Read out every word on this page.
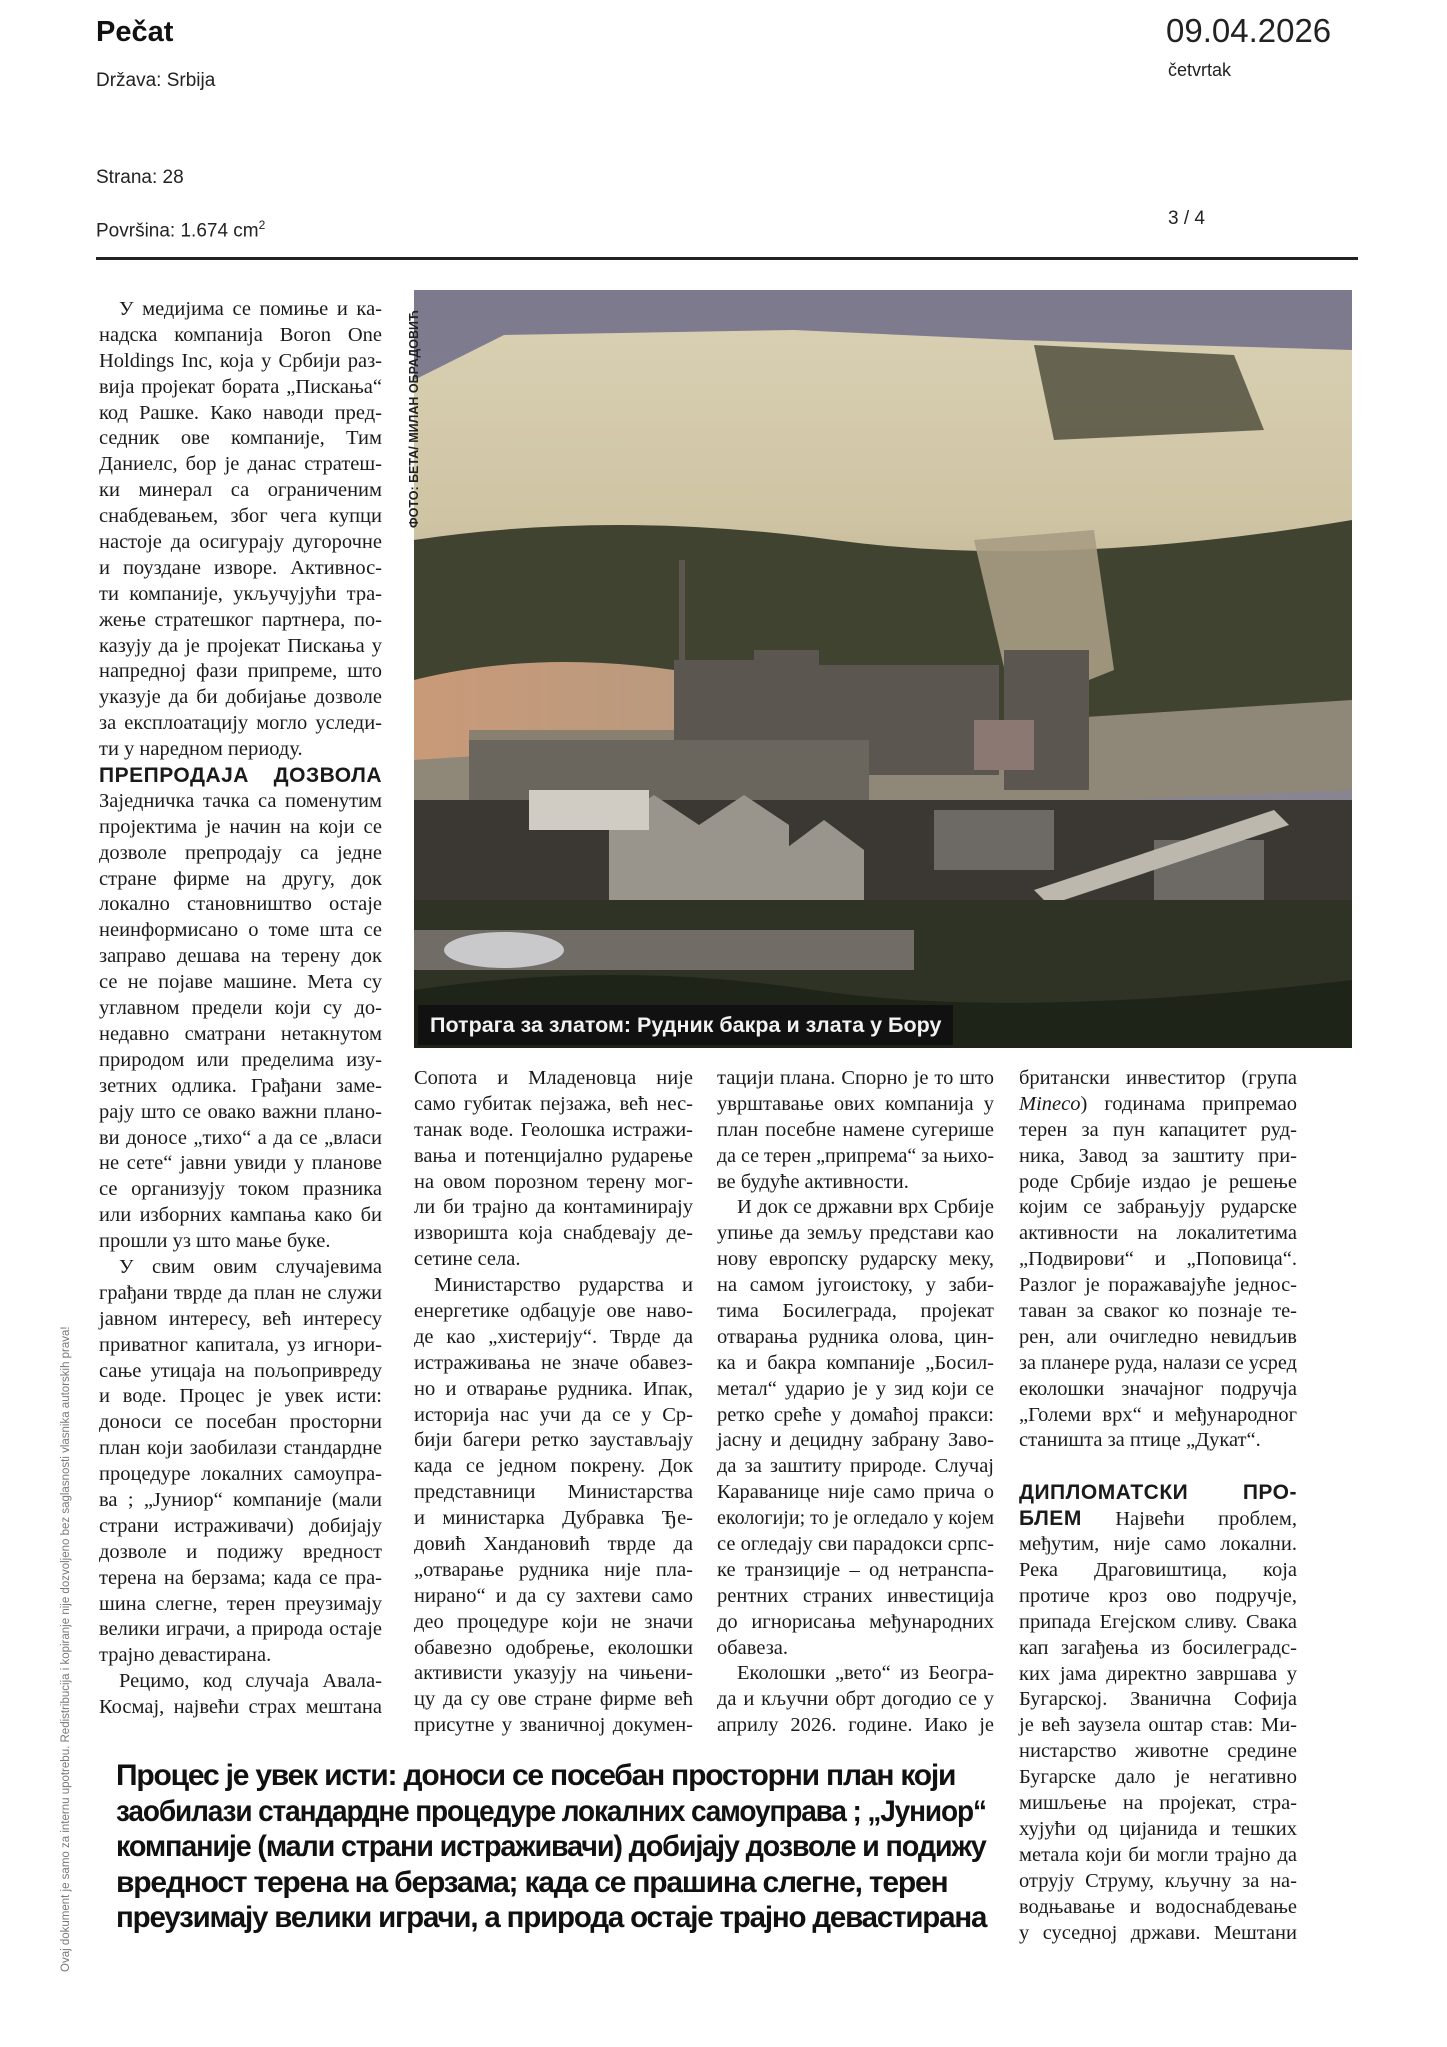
Pečat
Država: Srbija
Strana: 28
Površina: 1.674 $cm^2$
09.04.2026
četvrtak
3 / 4
Ovaj dokument je samo za internu upotrebu. Redistribucija i kopiranje nije dozvoljeno bez saglasnosti vlasnika autorskih prava!
ФОТО: БЕТА/ МИЛАН ОБРАДОВИЋ
Потрага за златом: Рудник бакра и злата у Бору
У медијима се помиње и ка-
надска компанија Boron One
Holdings Inc, која у Србији раз-
вија пројекат бората „Пискања“
код Рашке. Како наводи пред-
седник ове компаније, Тим
Даниелс, бор је данас стратеш-
ки минерал са ограниченим
снабдевањем, због чега купци
настоје да осигурају дугорочне
и поуздане изворе. Активнос-
ти компаније, укључујући тра-
жење стратешког партнера, по-
казују да је пројекат Пискања у
напредној фази припреме, што
указује да би добијање дозволе
за експлоатацију могло уследи-
ти у наредном периоду.
ПРЕПРОДАЈА ДОЗВОЛА
Заједничка тачка са поменутим
пројектима је начин на који се
дозволе препродају са једне
стране фирме на другу, док
локално становништво остаје
неинформисано о томе шта се
заправо дешава на терену док
се не појаве машине. Мета су
углавном предели који су до-
недавно сматрани нетакнутом
природом или пределима изу-
зетних одлика. Грађани заме-
рају што се овако важни плано-
ви доносе „тихо“ а да се „власи
не сете“ јавни увиди у планове
се организују током празника
или изборних кампања како би
прошли уз што мање буке.
У свим овим случајевима
грађани тврде да план не служи
јавном интересу, већ интересу
приватног капитала, уз игнори-
сање утицаја на пољопривреду
и воде. Процес је увек исти:
доноси се посебан просторни
план који заобилази стандардне
процедуре локалних самоупра-
ва ; „Јуниор“ компаније (мали
страни истраживачи) добијају
дозволе и подижу вредност
терена на берзама; када се пра-
шина слегне, терен преузимају
велики играчи, а природа остаје
трајно девастирана.
Рецимо, код случаја Авала-
Космај, највећи страх мештана
Сопота и Младеновца није
само губитак пејзажа, већ нес-
танак воде. Геолошка истражи-
вања и потенцијално рударење
на овом порозном терену мог-
ли би трајно да контаминирају
изворишта која снабдевају де-
сетине села.
Министарство рударства и
енергетике одбацује ове наво-
де као „хистерију“. Тврде да
истраживања не значе обавез-
но и отварање рудника. Ипак,
историја нас учи да се у Ср-
бији багери ретко заустављају
када се једном покрену. Док
представници Министарства
и министарка Дубравка Ђе-
довић Хандановић тврде да
„отварање рудника није пла-
нирано“ и да су захтеви само
део процедуре који не значи
обавезно одобрење, еколошки
активисти указују на чињени-
цу да су ове стране фирме већ
присутне у званичној докумен-
тацији плана. Спорно је то што
уврштавање ових компанија у
план посебне намене сугерише
да се терен „припрема“ за њихо-
ве будуће активности.
И док се државни врх Србије
упиње да земљу представи као
нову европску рударску меку,
на самом југоистоку, у заби-
тима Босилеграда, пројекат
отварања рудника олова, цин-
ка и бакра компаније „Босил-
метал“ ударио је у зид који се
ретко среће у домаћој пракси:
јасну и децидну забрану Заво-
да за заштиту природе. Случај
Караванице није само прича о
екологији; то је огледало у којем
се огледају сви парадокси српс-
ке транзиције – од нетранспа-
рентних страних инвестиција
до игнорисања међународних
обавеза.
Еколошки „вето“ из Београ-
да и кључни обрт догодио се у
априлу 2026. године. Иако је
британски инвеститор (група
Mineco) годинама припремао
терен за пун капацитет руд-
ника, Завод за заштиту при-
роде Србије издао је решење
којим се забрањују рударске
активности на локалитетима
„Подвирови“ и „Поповица“.
Разлог је поражавајуће једнос-
таван за сваког ко познаје те-
рен, али очигледно невидљив
за планере руда, налази се усред
еколошки значајног подручја
„Големи врх“ и међународног
станишта за птице „Дукат“.
ДИПЛОМАТСКИ ПРО-
БЛЕМ Највећи проблем,
међутим, није само локални.
Река Драговиштица, која
протиче кроз ово подручје,
припада Егејском сливу. Свака
кап загађења из босилеградс-
ких јама директно завршава у
Бугарској. Званична Софија
је већ заузела оштар став: Ми-
нистарство животне средине
Бугарске дало је негативно
мишљење на пројекат, стра-
хујући од цијанида и тешких
метала који би могли трајно да
отрују Струму, кључну за на-
водњавање и водоснабдевање
у суседној држави. Мештани
Процес је увек исти: доноси се посебан просторни план који
заобилази стандардне процедуре локалних самоуправа ; „Јуниор“
компаније (мали страни истраживачи) добијају дозволе и подижу
вредност терена на берзама; када се прашина слегне, терен
преузимају велики играчи, а природа остаје трајно девастирана
